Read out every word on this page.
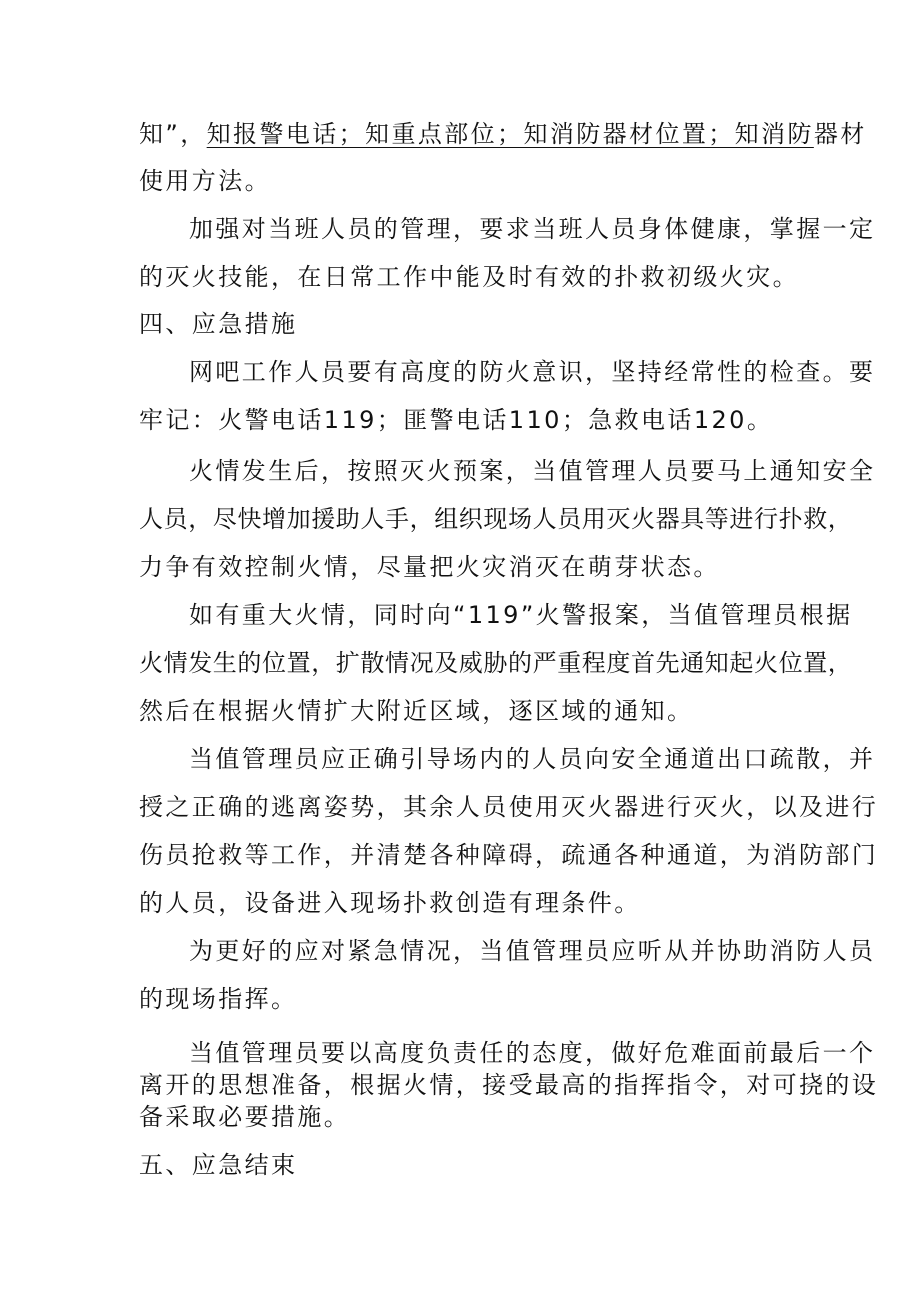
知”，知报警电话；知重点部位；知消防器材位置；知消防器材
使用方法。
加强对当班人员的管理，要求当班人员身体健康，掌握一定
的灭火技能，在日常工作中能及时有效的扑救初级火灾。
四、应急措施
网吧工作人员要有高度的防火意识，坚持经常性的检查。要
牢记：火警电话119；匪警电话110；急救电话120。
火情发生后，按照灭火预案，当值管理人员要马上通知安全
人员，尽快增加援助人手，组织现场人员用灭火器具等进行扑救，
力争有效控制火情，尽量把火灾消灭在萌芽状态。
如有重大火情，同时向“119”火警报案，当值管理员根据
火情发生的位置，扩散情况及威胁的严重程度首先通知起火位置，
然后在根据火情扩大附近区域，逐区域的通知。
当值管理员应正确引导场内的人员向安全通道出口疏散，并
授之正确的逃离姿势，其余人员使用灭火器进行灭火，以及进行
伤员抢救等工作，并清楚各种障碍，疏通各种通道，为消防部门
的人员，设备进入现场扑救创造有理条件。
为更好的应对紧急情况，当值管理员应听从并协助消防人员
的现场指挥。
当值管理员要以高度负责任的态度，做好危难面前最后一个
离开的思想准备，根据火情，接受最高的指挥指令，对可挠的设
备采取必要措施。
五、应急结束
